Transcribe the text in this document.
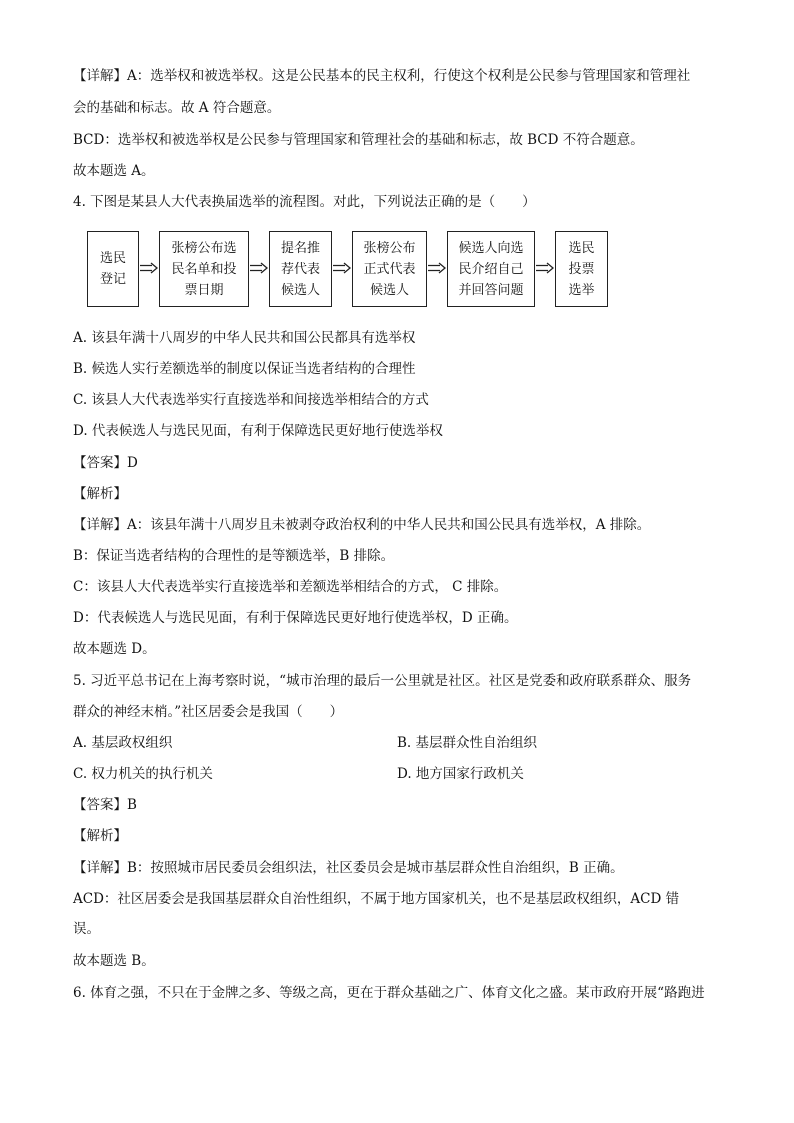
【详解】A：选举权和被选举权。这是公民基本的民主权利，行使这个权利是公民参与管理国家和管理社
会的基础和标志。故 A 符合题意。
BCD：选举权和被选举权是公民参与管理国家和管理社会的基础和标志，故 BCD 不符合题意。
故本题选 A。
4. 下图是某县人大代表换届选举的流程图。对此，下列说法正确的是（　　）
选民
登记
张榜公布选
民名单和投
票日期
提名推
荐代表
候选人
张榜公布
正式代表
候选人
候选人向选
民介绍自己
并回答问题
选民
投票
选举
A. 该县年满十八周岁的中华人民共和国公民都具有选举权
B. 候选人实行差额选举的制度以保证当选者结构的合理性
C. 该县人大代表选举实行直接选举和间接选举相结合的方式
D. 代表候选人与选民见面，有利于保障选民更好地行使选举权
【答案】D
【解析】
【详解】A：该县年满十八周岁且未被剥夺政治权利的中华人民共和国公民具有选举权，A 排除。
B：保证当选者结构的合理性的是等额选举，B 排除。
C：该县人大代表选举实行直接选举和差额选举相结合的方式， C 排除。
D：代表候选人与选民见面，有利于保障选民更好地行使选举权，D 正确。
故本题选 D。
5. 习近平总书记在上海考察时说，“城市治理的最后一公里就是社区。社区是党委和政府联系群众、服务
群众的神经末梢。”社区居委会是我国（　　）
A. 基层政权组织	B. 基层群众性自治组织
C. 权力机关的执行机关	D. 地方国家行政机关
【答案】B
【解析】
【详解】B：按照城市居民委员会组织法，社区委员会是城市基层群众性自治组织，B 正确。
ACD：社区居委会是我国基层群众自治性组织，不属于地方国家机关，也不是基层政权组织，ACD 错
误。
故本题选 B。
6. 体育之强，不只在于金牌之多、等级之高，更在于群众基础之广、体育文化之盛。某市政府开展“路跑进
